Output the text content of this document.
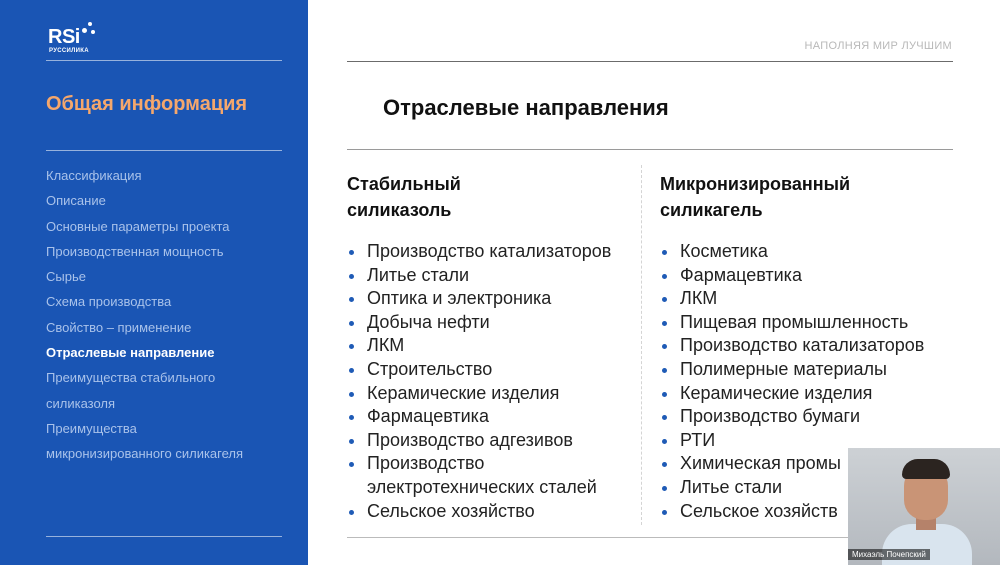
RSi
РУССИЛИКА
Общая информация
Классификация
Описание
Основные параметры проекта
Производственная мощность
Сырье
Схема производства
Свойство – применение
Отраслевые направление
Преимущества стабильного
силиказоля
Преимущества
микронизированного силикагеля
НАПОЛНЯЯ МИР ЛУЧШИМ
Отраслевые направления
Стабильный
силиказоль
Производство катализаторов
Литье стали
Оптика и электроника
Добыча нефти
ЛКМ
Строительство
Керамические изделия
Фармацевтика
Производство адгезивов
Производство
электротехнических сталей
Сельское хозяйство
Микронизированный
силикагель
Косметика
Фармацевтика
ЛКМ
Пищевая промышленность
Производство катализаторов
Полимерные материалы
Керамические изделия
Производство бумаги
РТИ
Химическая промы
Литье стали
Сельское хозяйств
Михаэль Почепский
